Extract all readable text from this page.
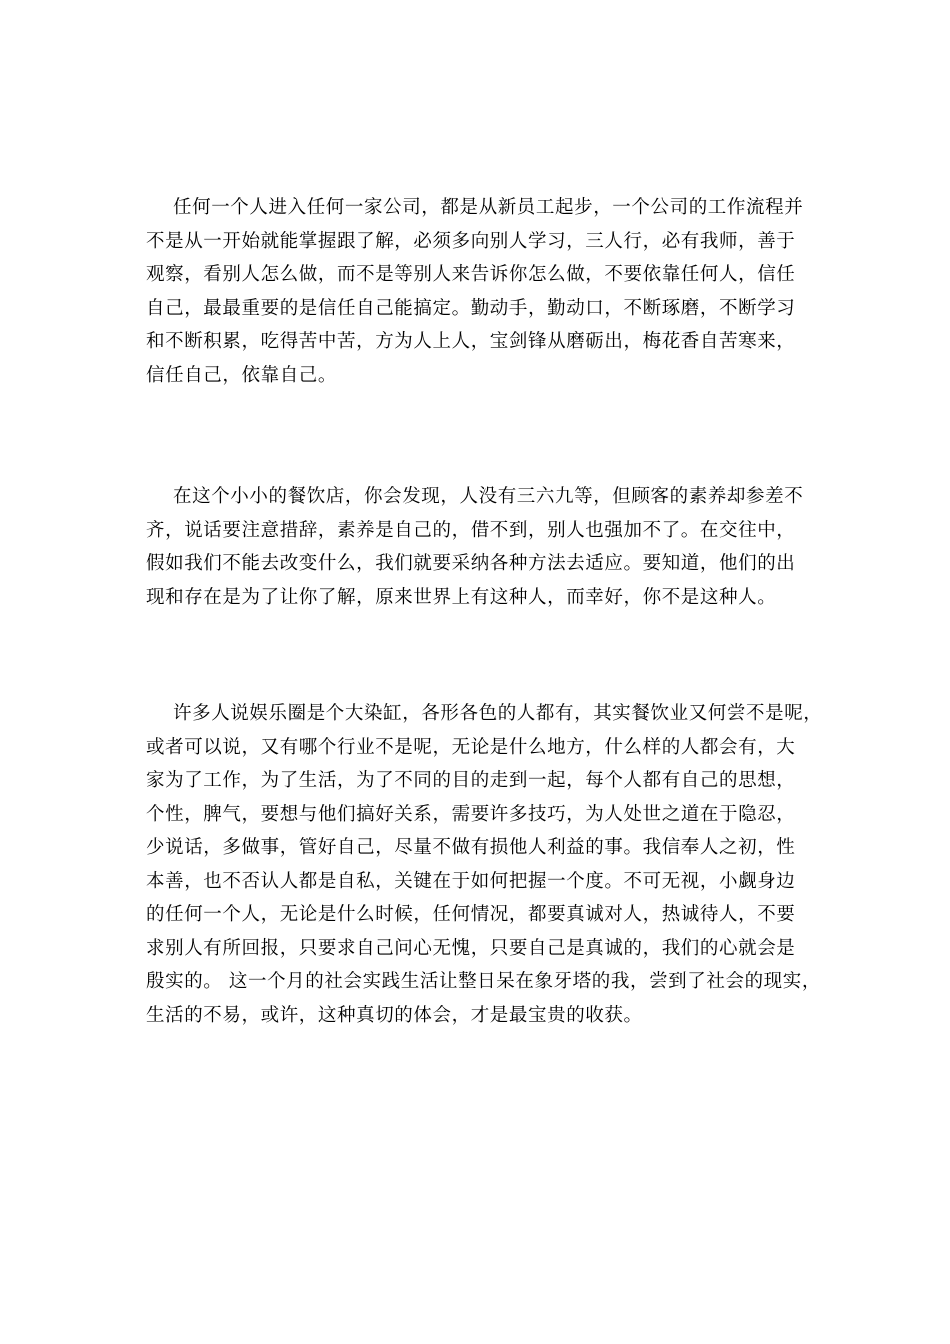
任何一个人进入任何一家公司，都是从新员工起步，一个公司的工作流程并
不是从一开始就能掌握跟了解，必须多向别人学习，三人行，必有我师，善于
观察，看别人怎么做，而不是等别人来告诉你怎么做，不要依靠任何人，信任
自己，最最重要的是信任自己能搞定。勤动手，勤动口，不断琢磨，不断学习
和不断积累，吃得苦中苦，方为人上人，宝剑锋从磨砺出，梅花香自苦寒来，
信任自己，依靠自己。
在这个小小的餐饮店，你会发现，人没有三六九等，但顾客的素养却参差不
齐，说话要注意措辞，素养是自己的，借不到，别人也强加不了。在交往中，
假如我们不能去改变什么，我们就要采纳各种方法去适应。要知道，他们的出
现和存在是为了让你了解，原来世界上有这种人，而幸好，你不是这种人。
许多人说娱乐圈是个大染缸，各形各色的人都有，其实餐饮业又何尝不是呢，
或者可以说，又有哪个行业不是呢，无论是什么地方，什么样的人都会有，大
家为了工作，为了生活，为了不同的目的走到一起，每个人都有自己的思想，
个性，脾气，要想与他们搞好关系，需要许多技巧，为人处世之道在于隐忍，
少说话，多做事，管好自己，尽量不做有损他人利益的事。我信奉人之初，性
本善，也不否认人都是自私，关键在于如何把握一个度。不可无视，小觑身边
的任何一个人，无论是什么时候，任何情况，都要真诚对人，热诚待人，不要
求别人有所回报，只要求自己问心无愧，只要自己是真诚的，我们的心就会是
殷实的。 这一个月的社会实践生活让整日呆在象牙塔的我，尝到了社会的现实，
生活的不易，或许，这种真切的体会，才是最宝贵的收获。
